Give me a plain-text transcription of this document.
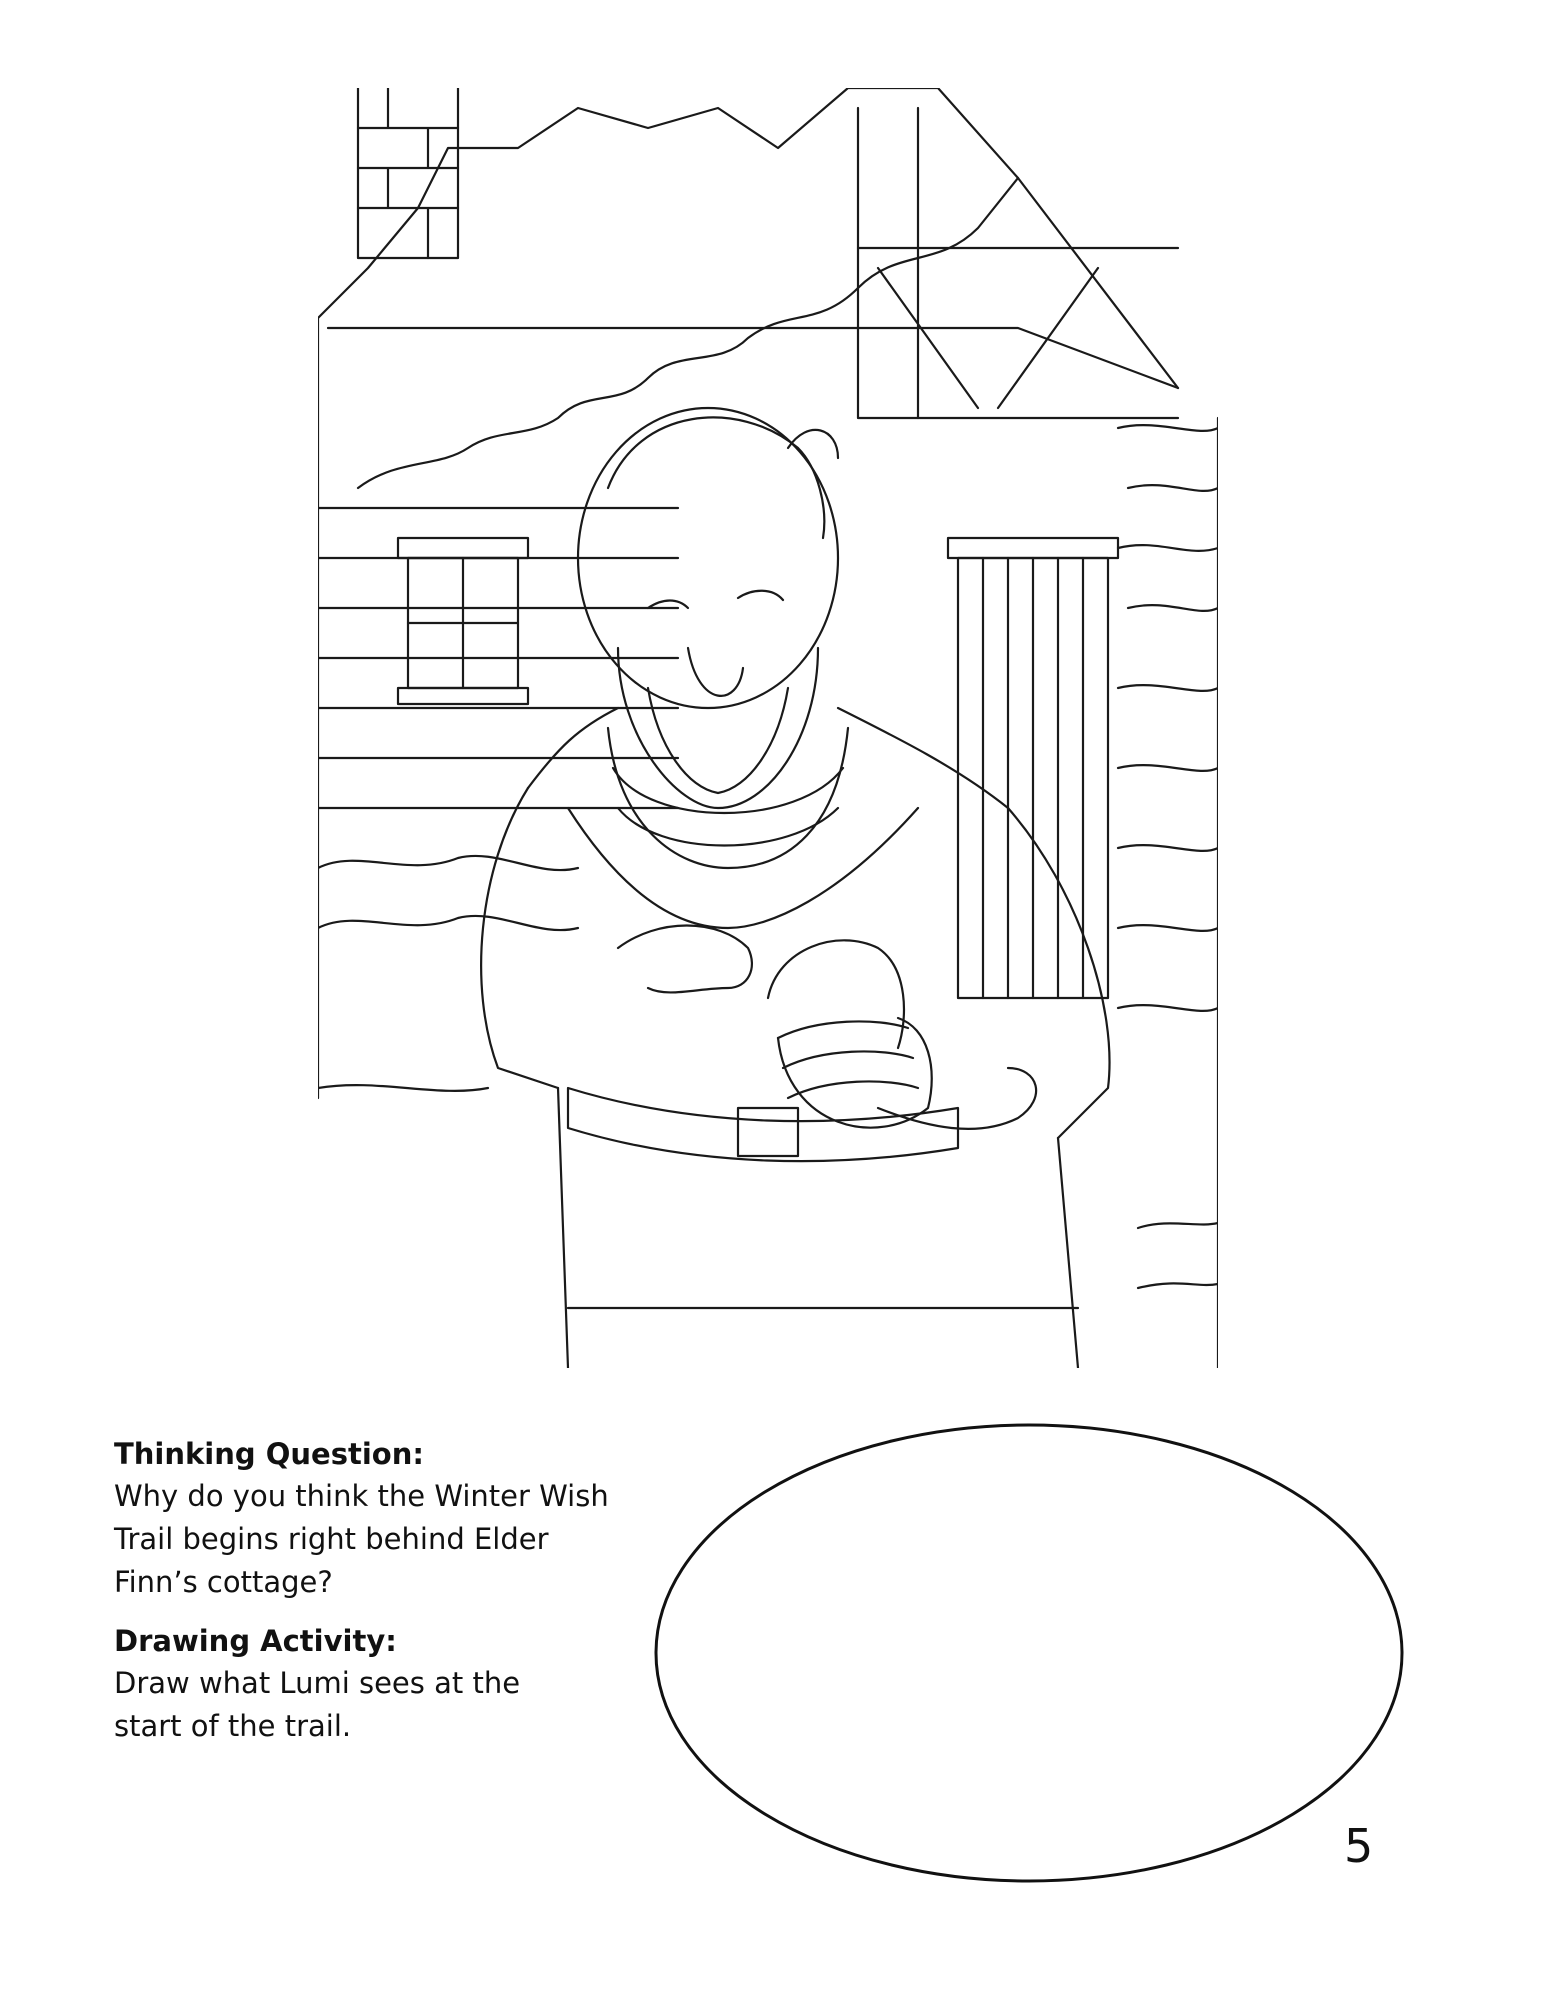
Thinking Question:

Why do you think the Winter Wish

Trail begins right behind Elder

Finn’s cottage?

Drawing Activity:

Draw what Lumi sees at the

start of the trail.

5
